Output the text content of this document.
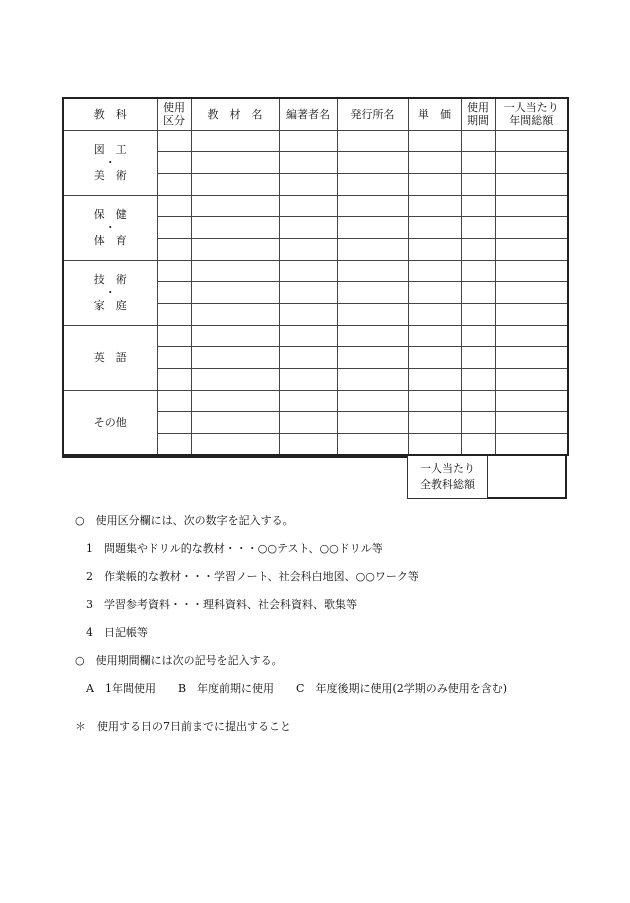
教　科	使用区分	教　材　名	編著者名	発行所名	単　価	使用期間	一人当たり年間総額

図　工
・
美　術							

保　健
・
体　育							

技　術
・
家　庭							

英　語							

その他							

一人当たり
全教科総額
○　使用区分欄には、次の数字を記入する。
1　問題集やドリル的な教材・・・○○テスト、○○ドリル等
2　作業帳的な教材・・・学習ノート、社会科白地図、○○ワーク等
3　学習参考資料・・・理科資料、社会科資料、歌集等
4　日記帳等
○　使用期間欄には次の記号を記入する。
A　1年間使用　　B　年度前期に使用　　C　年度後期に使用(2学期のみ使用を含む)
＊　使用する日の7日前までに提出すること
